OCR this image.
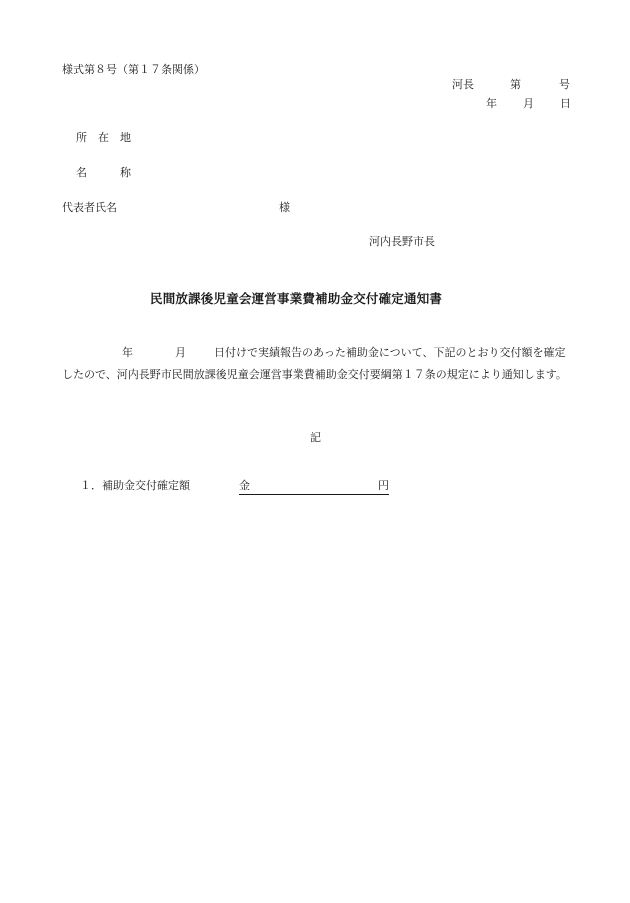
様式第８号（第１７条関係）
河長	第	号
年 月 日
所　在　地
名　　　称
代表者氏名	様
河内長野市長
民間放課後児童会運営事業費補助金交付確定通知書
年	月	日付けで実績報告のあった補助金について、下記のとおり交付額を確定したので、河内長野市民間放課後児童会運営事業費補助金交付要綱第１７条の規定により通知します。
記
１．補助金交付確定額	金	円
